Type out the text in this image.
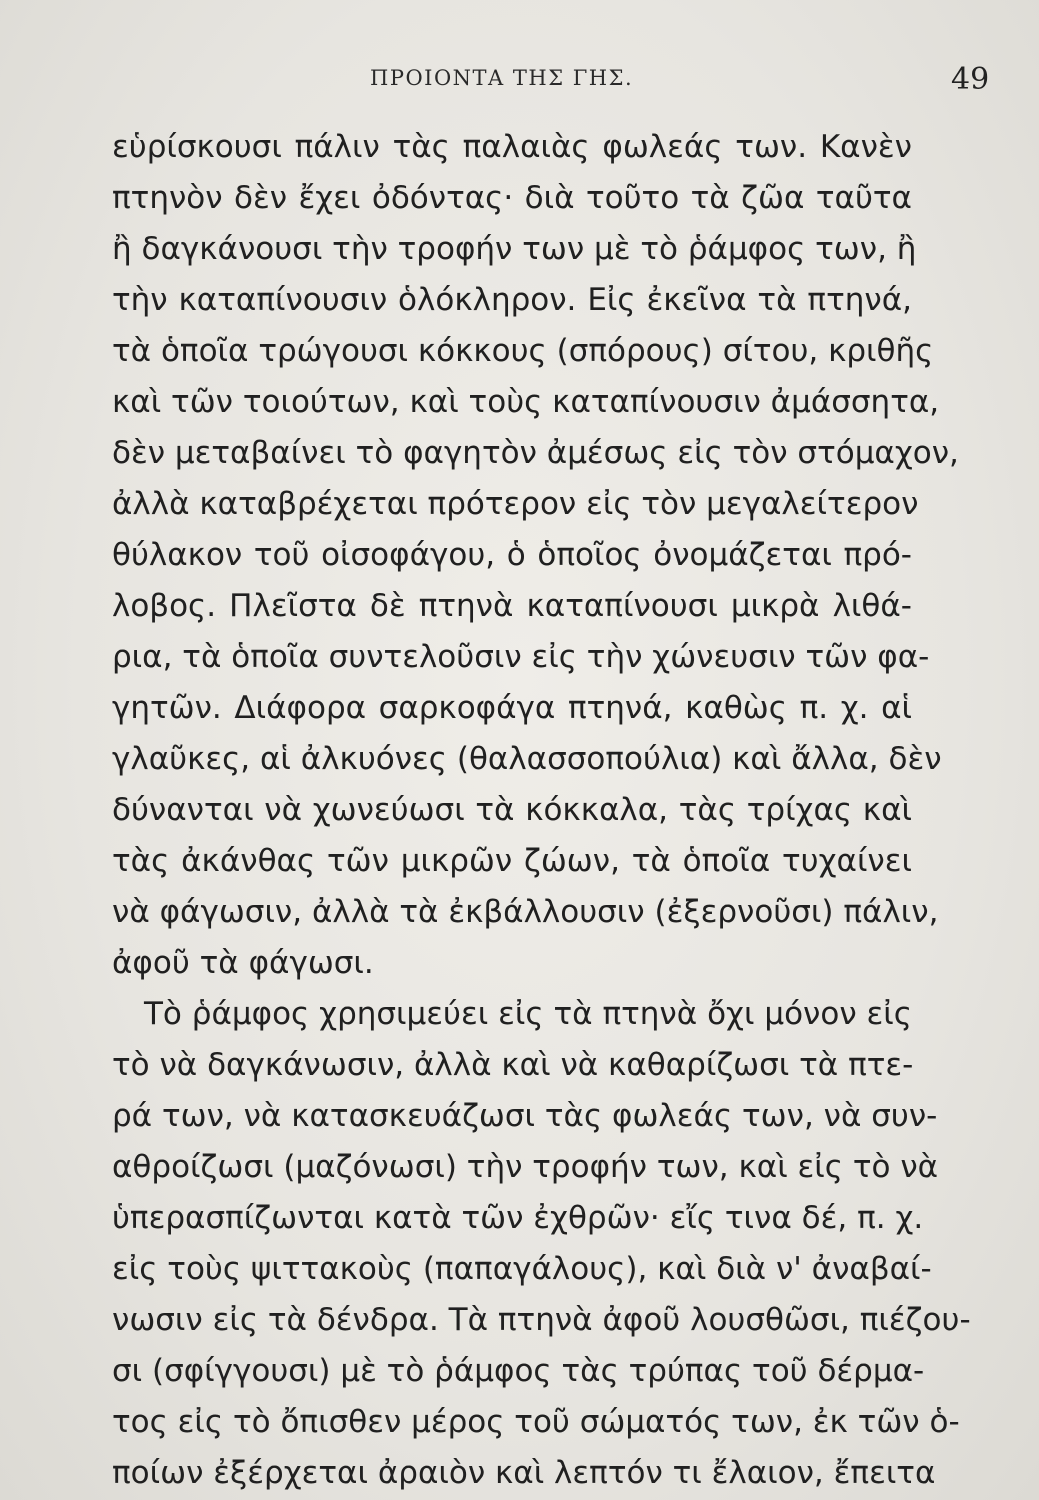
ΠΡΟΙΟΝΤΑ ΤΗΣ ΓΗΣ.	49
εὑρίσκουσι πάλιν τὰς παλαιὰς φωλεάς των. Κανὲν
πτηνὸν δὲν ἔχει ὀδόντας· διὰ τοῦτο τὰ ζῶα ταῦτα
ἢ δαγκάνουσι τὴν τροφήν των μὲ τὸ ῥάμφος των, ἢ
τὴν καταπίνουσιν ὁλόκληρον. Εἰς ἐκεῖνα τὰ πτηνά,
τὰ ὁποῖα τρώγουσι κόκκους (σπόρους) σίτου, κριθῆς
καὶ τῶν τοιούτων, καὶ τοὺς καταπίνουσιν ἀμάσσητα,
δὲν μεταβαίνει τὸ φαγητὸν ἀμέσως εἰς τὸν στόμαχον,
ἀλλὰ καταβρέχεται πρότερον εἰς τὸν μεγαλείτερον
θύλακον τοῦ οἰσοφάγου, ὁ ὁποῖος ὀνομάζεται πρό-
λοβος. Πλεῖστα δὲ πτηνὰ καταπίνουσι μικρὰ λιθά-
ρια, τὰ ὁποῖα συντελοῦσιν εἰς τὴν χώνευσιν τῶν φα-
γητῶν. Διάφορα σαρκοφάγα πτηνά, καθὼς π. χ. αἱ
γλαῦκες, αἱ ἀλκυόνες (θαλασσοπούλια) καὶ ἄλλα, δὲν
δύνανται νὰ χωνεύωσι τὰ κόκκαλα, τὰς τρίχας καὶ
τὰς ἀκάνθας τῶν μικρῶν ζώων, τὰ ὁποῖα τυχαίνει
νὰ φάγωσιν, ἀλλὰ τὰ ἐκβάλλουσιν (ἐξερνοῦσι) πάλιν,
ἀφοῦ τὰ φάγωσι.
Τὸ ῥάμφος χρησιμεύει εἰς τὰ πτηνὰ ὄχι μόνον εἰς
τὸ νὰ δαγκάνωσιν, ἀλλὰ καὶ νὰ καθαρίζωσι τὰ πτε-
ρά των, νὰ κατασκευάζωσι τὰς φωλεάς των, νὰ συν-
αθροίζωσι (μαζόνωσι) τὴν τροφήν των, καὶ εἰς τὸ νὰ
ὑπερασπίζωνται κατὰ τῶν ἐχθρῶν· εἴς τινα δέ, π. χ.
εἰς τοὺς ψιττακοὺς (παπαγάλους), καὶ διὰ ν' ἀναβαί-
νωσιν εἰς τὰ δένδρα. Τὰ πτηνὰ ἀφοῦ λουσθῶσι, πιέζου-
σι (σφίγγουσι) μὲ τὸ ῥάμφος τὰς τρύπας τοῦ δέρμα-
τος εἰς τὸ ὄπισθεν μέρος τοῦ σώματός των, ἐκ τῶν ὁ-
ποίων ἐξέρχεται ἀραιὸν καὶ λεπτόν τι ἔλαιον, ἔπειτα
